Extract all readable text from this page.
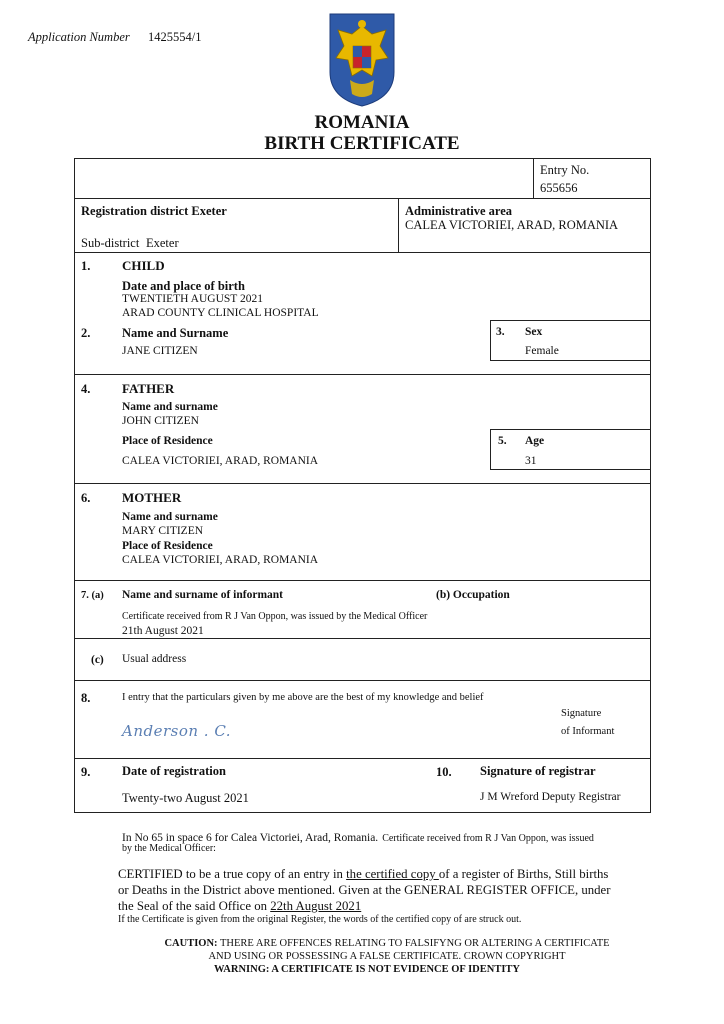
Application Number 1425554/1
ROMANIA
BIRTH CERTIFICATE
Entry No.
655656
Registration district Exeter
Sub-district Exeter
Administrative area
CALEA VICTORIEI, ARAD, ROMANIA
1. CHILD
Date and place of birth
TWENTIETH AUGUST 2021
ARAD COUNTY CLINICAL HOSPITAL
2.	Name and Surname
JANE CITIZEN
3. Sex
Female
4. FATHER
Name and surname
JOHN CITIZEN
Place of Residence
CALEA VICTORIEI, ARAD, ROMANIA
5. Age
31
6. MOTHER
Name and surname
MARY CITIZEN
Place of Residence
CALEA VICTORIEI, ARAD, ROMANIA
7. (a) Name and surname of informant	(b) Occupation
Certificate received from R J Van Oppon, was issued by the Medical Officer
21th August 2021
(c) Usual address
8.	I entry that the particulars given by me above are the best of my knowledge and belief
Anderson . C.
Signature
of Informant
9.	Date of registration
Twenty-two August 2021
10. Signature of registrar
J M Wreford Deputy Registrar
In No 65 in space 6 for Calea Victoriei, Arad, Romania. Certificate received from R J Van Oppon, was issued
by the Medical Officer:
CERTIFIED to be a true copy of an entry in the certified copy of a register of Births, Still births
or Deaths in the District above mentioned. Given at the GENERAL REGISTER OFFICE, under
the Seal of the said Office on 22th August 2021
If the Certificate is given from the original Register, the words of the certified copy of are struck out.
CAUTION: THERE ARE OFFENCES RELATING TO FALSIFYNG OR ALTERING A CERTIFICATE
AND USING OR POSSESSING A FALSE CERTIFICATE. CROWN COPYRIGHT
WARNING: A CERTIFICATE IS NOT EVIDENCE OF IDENTITY
